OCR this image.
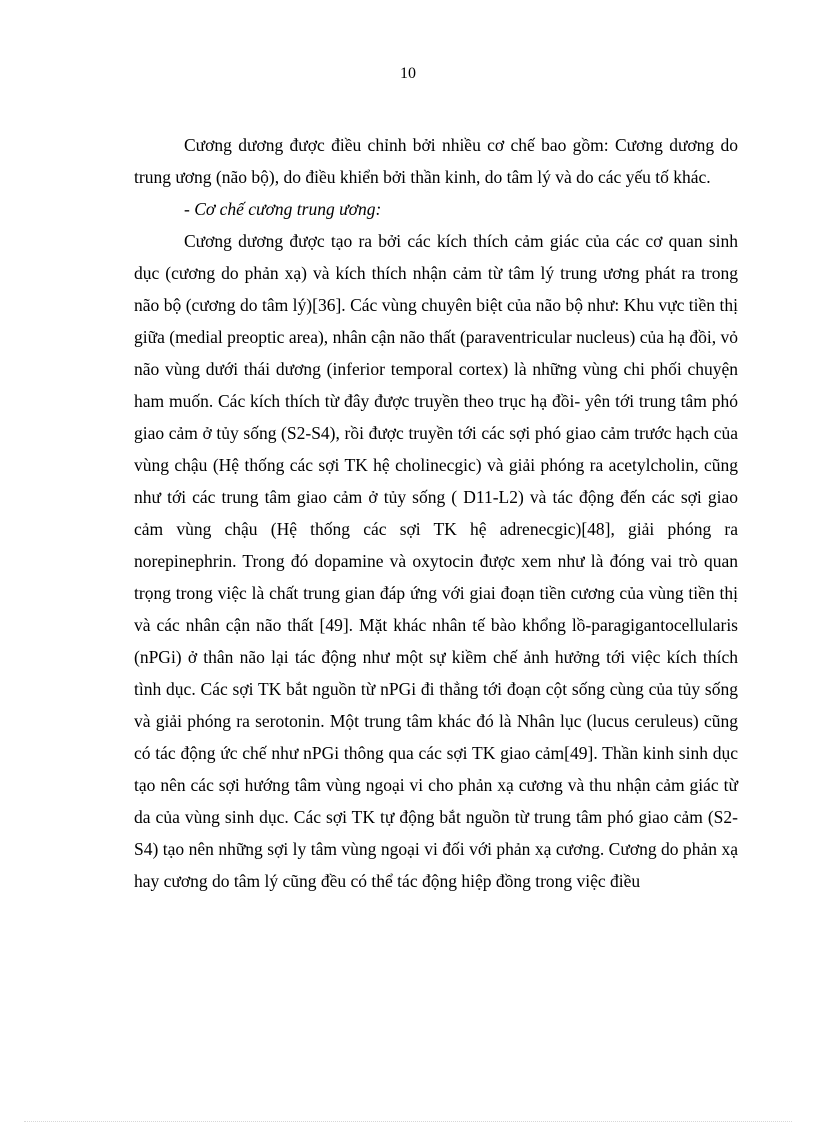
10

Cương dương được điều chỉnh bởi nhiều cơ chế bao gồm: Cương dương do trung ương (não bộ), do điều khiển bởi thần kinh, do tâm lý và do các yếu tố khác.

- Cơ chế cương trung ương:

Cương dương được tạo ra bởi các kích thích cảm giác của các cơ quan sinh dục (cương do phản xạ) và kích thích nhận cảm từ tâm lý trung ương phát ra trong não bộ (cương do tâm lý)[36]. Các vùng chuyên biệt của não bộ như: Khu vực tiền thị giữa (medial preoptic area), nhân cận não thất (paraventricular nucleus) của hạ đồi, vỏ não vùng dưới thái dương (inferior temporal cortex) là những vùng chi phối chuyện ham muốn. Các kích thích từ đây được truyền theo trục hạ đồi- yên tới trung tâm phó giao cảm ở tủy sống (S2-S4), rồi được truyền tới các sợi phó giao cảm trước hạch của vùng chậu (Hệ thống các sợi TK hệ cholinecgic) và giải phóng ra acetylcholin, cũng như tới các trung tâm giao cảm ở tủy sống ( D11-L2) và tác động đến các sợi giao cảm vùng chậu (Hệ thống các sợi TK hệ adrenecgic)[48], giải phóng ra norepinephrin. Trong đó dopamine và oxytocin được xem như là đóng vai trò quan trọng trong việc là chất trung gian đáp ứng với giai đoạn tiền cương của vùng tiền thị và các nhân cận não thất [49]. Mặt khác nhân tế bào khổng lồ-paragigantocellularis (nPGi) ở thân não lại tác động như một sự kiềm chế ảnh hưởng tới việc kích thích tình dục. Các sợi TK bắt nguồn từ nPGi đi thẳng tới đoạn cột sống cùng của tủy sống và giải phóng ra serotonin. Một trung tâm khác đó là Nhân lục (lucus ceruleus) cũng có tác động ức chế như nPGi thông qua các sợi TK giao cảm[49]. Thần kinh sinh dục tạo nên các sợi hướng tâm vùng ngoại vi cho phản xạ cương và thu nhận cảm giác từ da của vùng sinh dục. Các sợi TK tự động bắt nguồn từ trung tâm phó giao cảm (S2-S4) tạo nên những sợi ly tâm vùng ngoại vi đối với phản xạ cương. Cương do phản xạ hay cương do tâm lý cũng đều có thể tác động hiệp đồng trong việc điều
